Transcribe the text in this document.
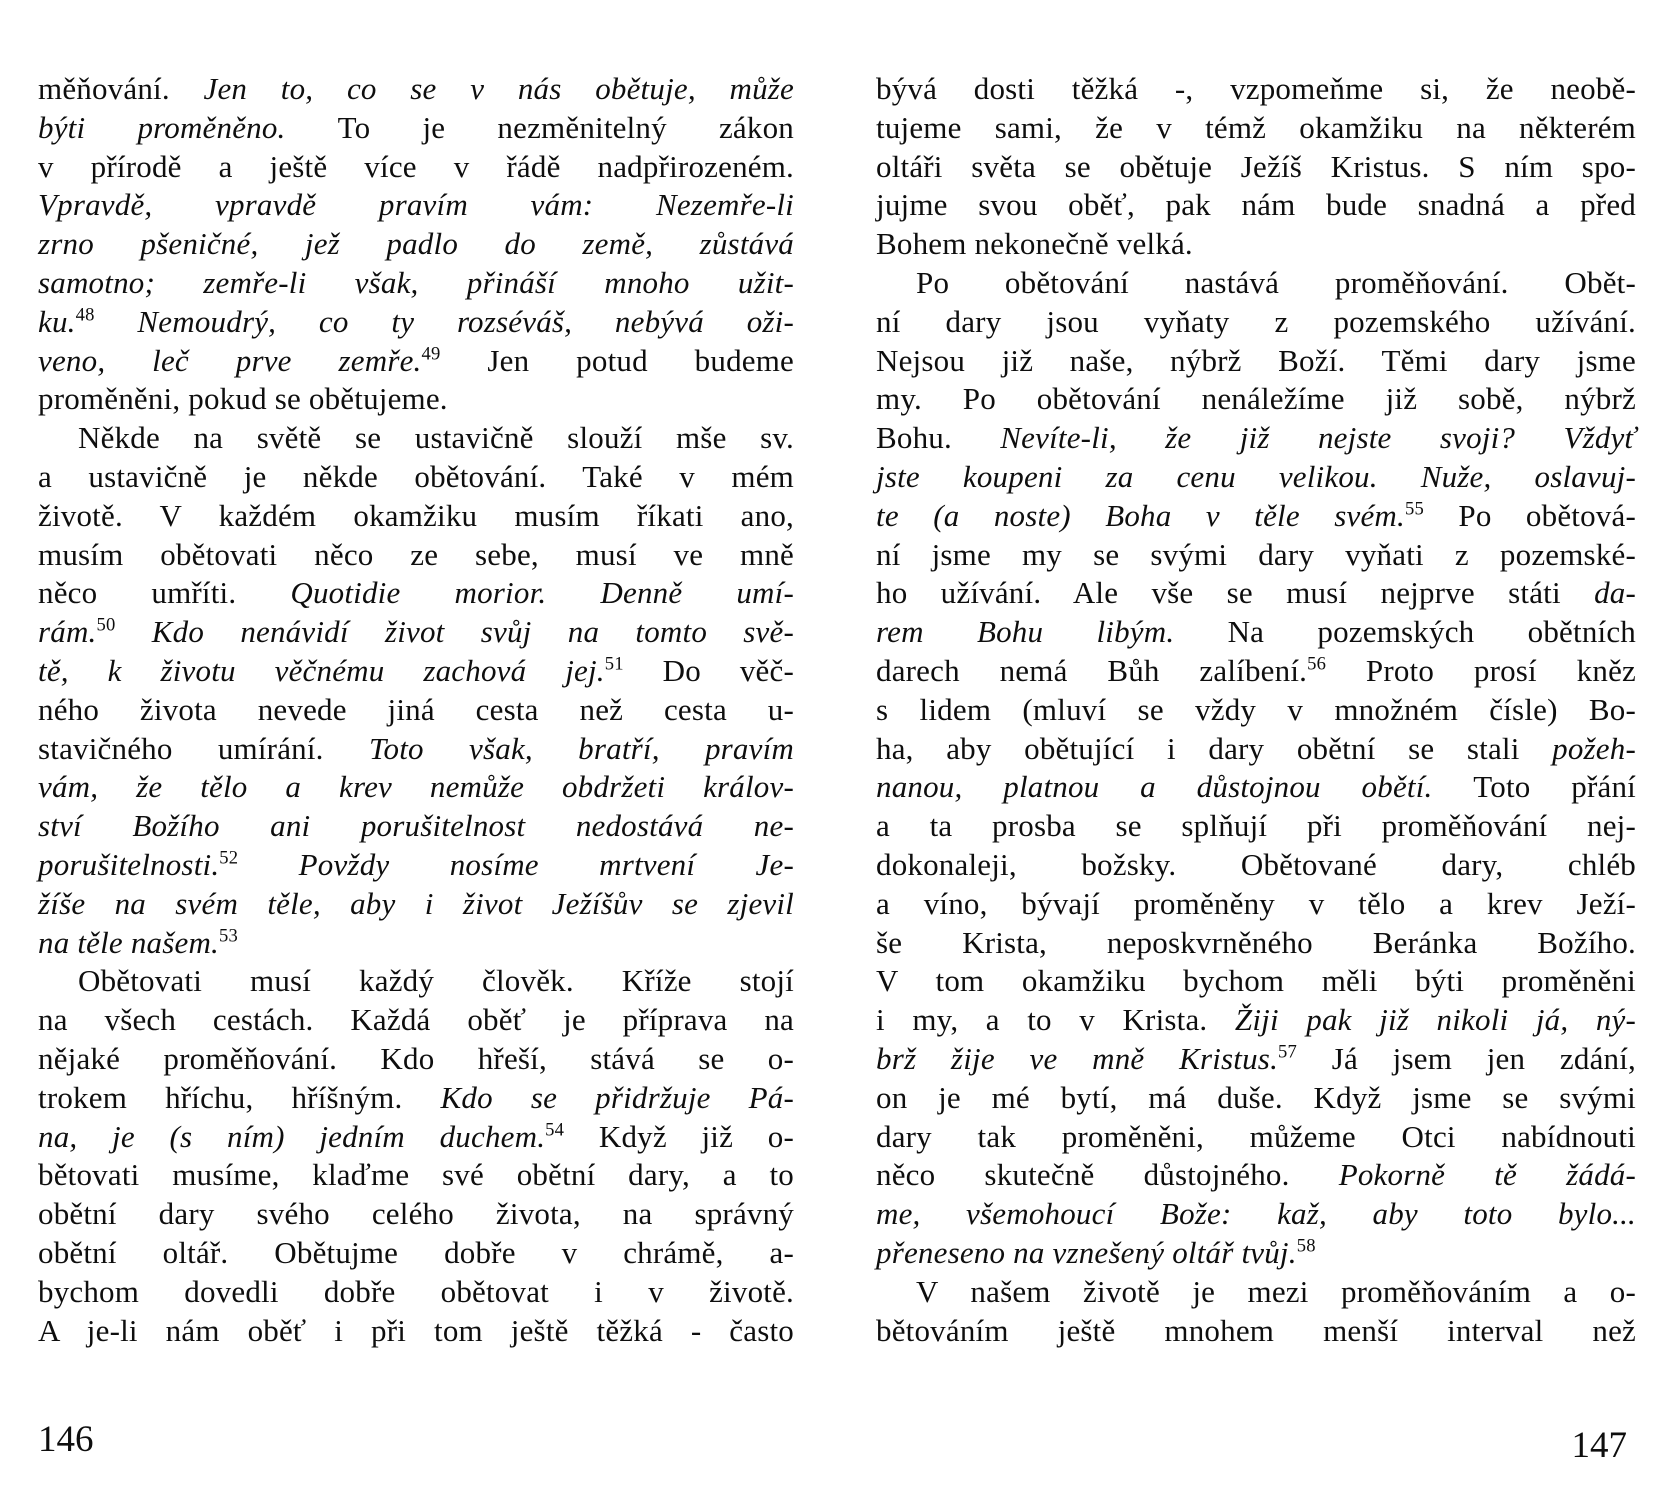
měňování. Jen to, co se v nás obětuje, může
býti proměněno. To je nezměnitelný zákon
v přírodě a ještě více v řádě nadpřirozeném.
Vpravdě, vpravdě pravím vám: Nezemře-li
zrno pšeničné, jež padlo do země, zůstává
samotno; zemře-li však, přináší mnoho užit-
ku.$^{48}$ Nemoudrý, co ty rozséváš, nebývá oži-
veno, leč prve zemře.$^{49}$ Jen potud budeme
proměněni, pokud se obětujeme.
Někde na světě se ustavičně slouží mše sv.
a ustavičně je někde obětování. Také v mém
životě. V každém okamžiku musím říkati ano,
musím obětovati něco ze sebe, musí ve mně
něco umříti. Quotidie morior. Denně umí-
rám.$^{50}$ Kdo nenávidí život svůj na tomto svě-
tě, k životu věčnému zachová jej.$^{51}$ Do věč-
ného života nevede jiná cesta než cesta u-
stavičného umírání. Toto však, bratří, pravím
vám, že tělo a krev nemůže obdržeti králov-
ství Božího ani porušitelnost nedostává ne-
porušitelnosti.$^{52}$ Povždy nosíme mrtvení Je-
žíše na svém těle, aby i život Ježíšův se zjevil
na těle našem.$^{53}$
Obětovati musí každý člověk. Kříže stojí
na všech cestách. Každá oběť je příprava na
nějaké proměňování. Kdo hřeší, stává se o-
trokem hříchu, hříšným. Kdo se přidržuje Pá-
na, je (s ním) jedním duchem.$^{54}$ Když již o-
bětovati musíme, klaďme své obětní dary, a to
obětní dary svého celého života, na správný
obětní oltář. Obětujme dobře v chrámě, a-
bychom dovedli dobře obětovat i v životě.
A je-li nám oběť i při tom ještě těžká - často
bývá dosti těžká -, vzpomeňme si, že neobě-
tujeme sami, že v témž okamžiku na některém
oltáři světa se obětuje Ježíš Kristus. S ním spo-
jujme svou oběť, pak nám bude snadná a před
Bohem nekonečně velká.
Po obětování nastává proměňování. Obět-
ní dary jsou vyňaty z pozemského užívání.
Nejsou již naše, nýbrž Boží. Těmi dary jsme
my. Po obětování nenáležíme již sobě, nýbrž
Bohu. Nevíte-li, že již nejste svoji? Vždyť
jste koupeni za cenu velikou. Nuže, oslavuj-
te (a noste) Boha v těle svém.$^{55}$ Po obětová-
ní jsme my se svými dary vyňati z pozemské-
ho užívání. Ale vše se musí nejprve státi da-
rem Bohu libým. Na pozemských obětních
darech nemá Bůh zalíbení.$^{56}$ Proto prosí kněz
s lidem (mluví se vždy v množném čísle) Bo-
ha, aby obětující i dary obětní se stali požeh-
nanou, platnou a důstojnou obětí. Toto přání
a ta prosba se splňují při proměňování nej-
dokonaleji, božsky. Obětované dary, chléb
a víno, bývají proměněny v tělo a krev Ježí-
še Krista, neposkvrněného Beránka Božího.
V tom okamžiku bychom měli býti proměněni
i my, a to v Krista. Žiji pak již nikoli já, ný-
brž žije ve mně Kristus.$^{57}$ Já jsem jen zdání,
on je mé bytí, má duše. Když jsme se svými
dary tak proměněni, můžeme Otci nabídnouti
něco skutečně důstojného. Pokorně tě žádá-
me, všemohoucí Bože: kaž, aby toto bylo...
přeneseno na vznešený oltář tvůj.$^{58}$
V našem životě je mezi proměňováním a o-
bětováním ještě mnohem menší interval než
146	147
